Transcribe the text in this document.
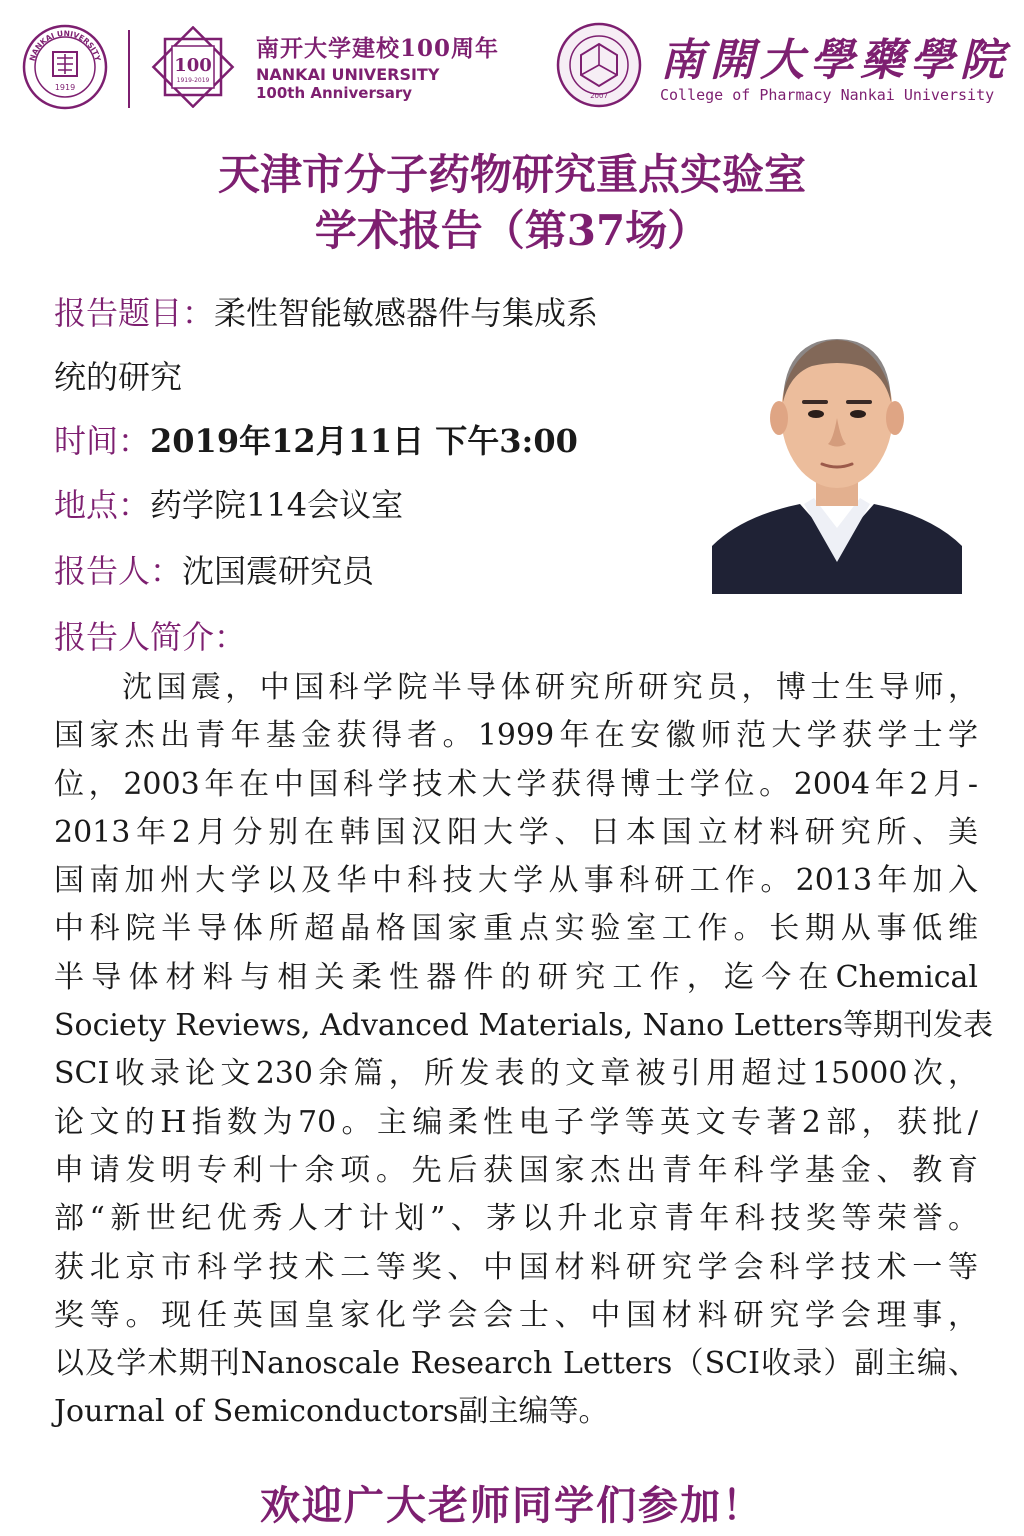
NANKAI UNIVERSITY
1919
100
1919-2019
南开大学建校100周年
NANKAI UNIVERSITY
100th Anniversary	2007
南開大學藥學院
College of Pharmacy Nankai University
天津市分子药物研究重点实验室
学术报告（第37场）
报告题目：柔性智能敏感器件与集成系
统的研究
时间：2019年12月11日 下午3:00
地点：药学院114会议室
报告人：沈国震研究员
报告人简介：
沈国震，中国科学院半导体研究所研究员，博士生导师，
国家杰出青年基金获得者。1999年在安徽师范大学获学士学
位，2003年在中国科学技术大学获得博士学位。2004年2月-
2013年2月分别在韩国汉阳大学、日本国立材料研究所、美
国南加州大学以及华中科技大学从事科研工作。2013年加入
中科院半导体所超晶格国家重点实验室工作。长期从事低维
半导体材料与相关柔性器件的研究工作，迄今在Chemical
Society Reviews, Advanced Materials, Nano Letters等期刊发表
SCI收录论文230余篇，所发表的文章被引用超过15000次，
论文的H指数为70。主编柔性电子学等英文专著2部，获批/
申请发明专利十余项。先后获国家杰出青年科学基金、教育
部“新世纪优秀人才计划”、茅以升北京青年科技奖等荣誉。
获北京市科学技术二等奖、中国材料研究学会科学技术一等
奖等。现任英国皇家化学会会士、中国材料研究学会理事，
以及学术期刊Nanoscale Research Letters（SCI收录）副主编、
Journal of Semiconductors副主编等。
欢迎广大老师同学们参加！
